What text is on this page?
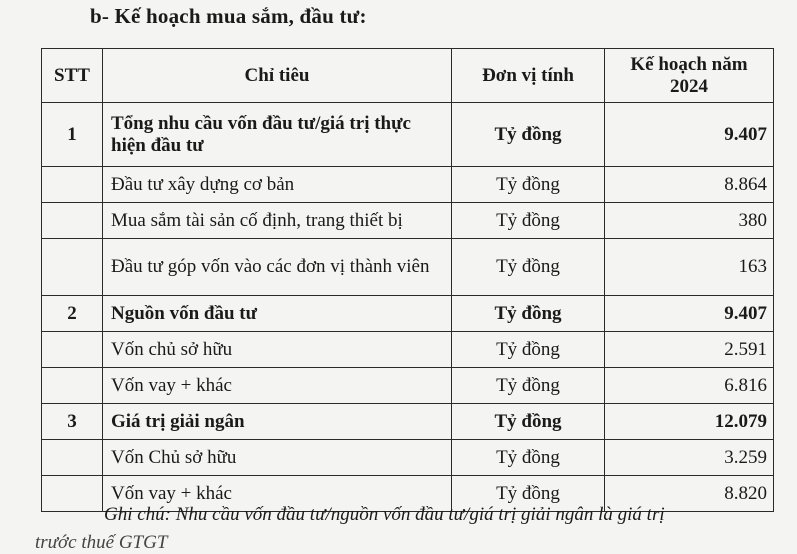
b- Kế hoạch mua sắm, đầu tư:
STT	Chỉ tiêu	Đơn vị tính	Kế hoạch năm
2024
1	Tổng nhu cầu vốn đầu tư/giá trị thực hiện đầu tư	Tỷ đồng	9.407
	Đầu tư xây dựng cơ bản	Tỷ đồng	8.864
	Mua sắm tài sản cố định, trang thiết bị	Tỷ đồng	380
	Đầu tư góp vốn vào các đơn vị thành viên	Tỷ đồng	163
2	Nguồn vốn đầu tư	Tỷ đồng	9.407
	Vốn chủ sở hữu	Tỷ đồng	2.591
	Vốn vay + khác	Tỷ đồng	6.816
3	Giá trị giải ngân	Tỷ đồng	12.079
	Vốn Chủ sở hữu	Tỷ đồng	3.259
	Vốn vay + khác	Tỷ đồng	8.820
Ghi chú: Nhu cầu vốn đầu tư/nguồn vốn đầu tư/giá trị giải ngân là giá trị
trước thuế GTGT
